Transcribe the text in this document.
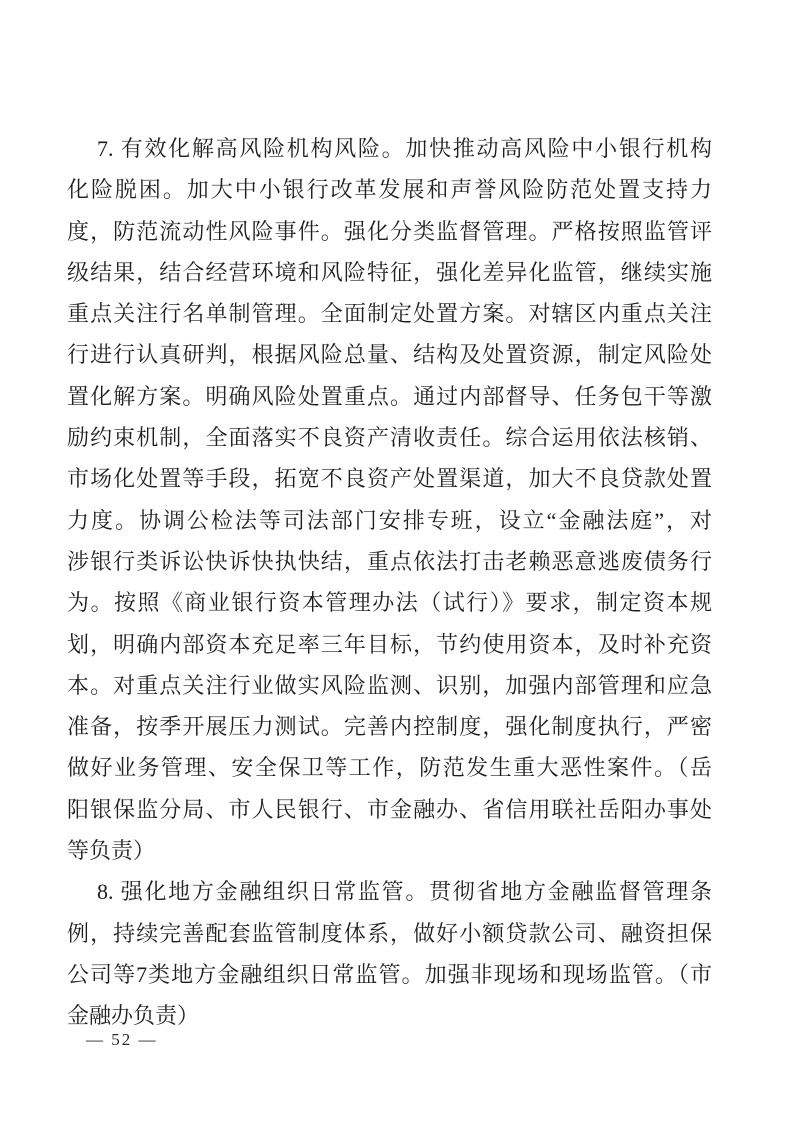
7. 有效化解高风险机构风险。加快推动高风险中小银行机构

化险脱困。加大中小银行改革发展和声誉风险防范处置支持力

度，防范流动性风险事件。强化分类监督管理。严格按照监管评

级结果，结合经营环境和风险特征，强化差异化监管，继续实施

重点关注行名单制管理。全面制定处置方案。对辖区内重点关注

行进行认真研判，根据风险总量、结构及处置资源，制定风险处

置化解方案。明确风险处置重点。通过内部督导、任务包干等激

励约束机制，全面落实不良资产清收责任。综合运用依法核销、

市场化处置等手段，拓宽不良资产处置渠道，加大不良贷款处置

力度。协调公检法等司法部门安排专班，设立“金融法庭”，对

涉银行类诉讼快诉快执快结，重点依法打击老赖恶意逃废债务行

为。按照《商业银行资本管理办法（试行）》要求，制定资本规

划，明确内部资本充足率三年目标，节约使用资本，及时补充资

本。对重点关注行业做实风险监测、识别，加强内部管理和应急

准备，按季开展压力测试。完善内控制度，强化制度执行，严密

做好业务管理、安全保卫等工作，防范发生重大恶性案件。（岳

阳银保监分局、市人民银行、市金融办、省信用联社岳阳办事处

等负责）

8. 强化地方金融组织日常监管。贯彻省地方金融监督管理条

例，持续完善配套监管制度体系，做好小额贷款公司、融资担保

公司等7类地方金融组织日常监管。加强非现场和现场监管。（市

金融办负责）

— 52 —
